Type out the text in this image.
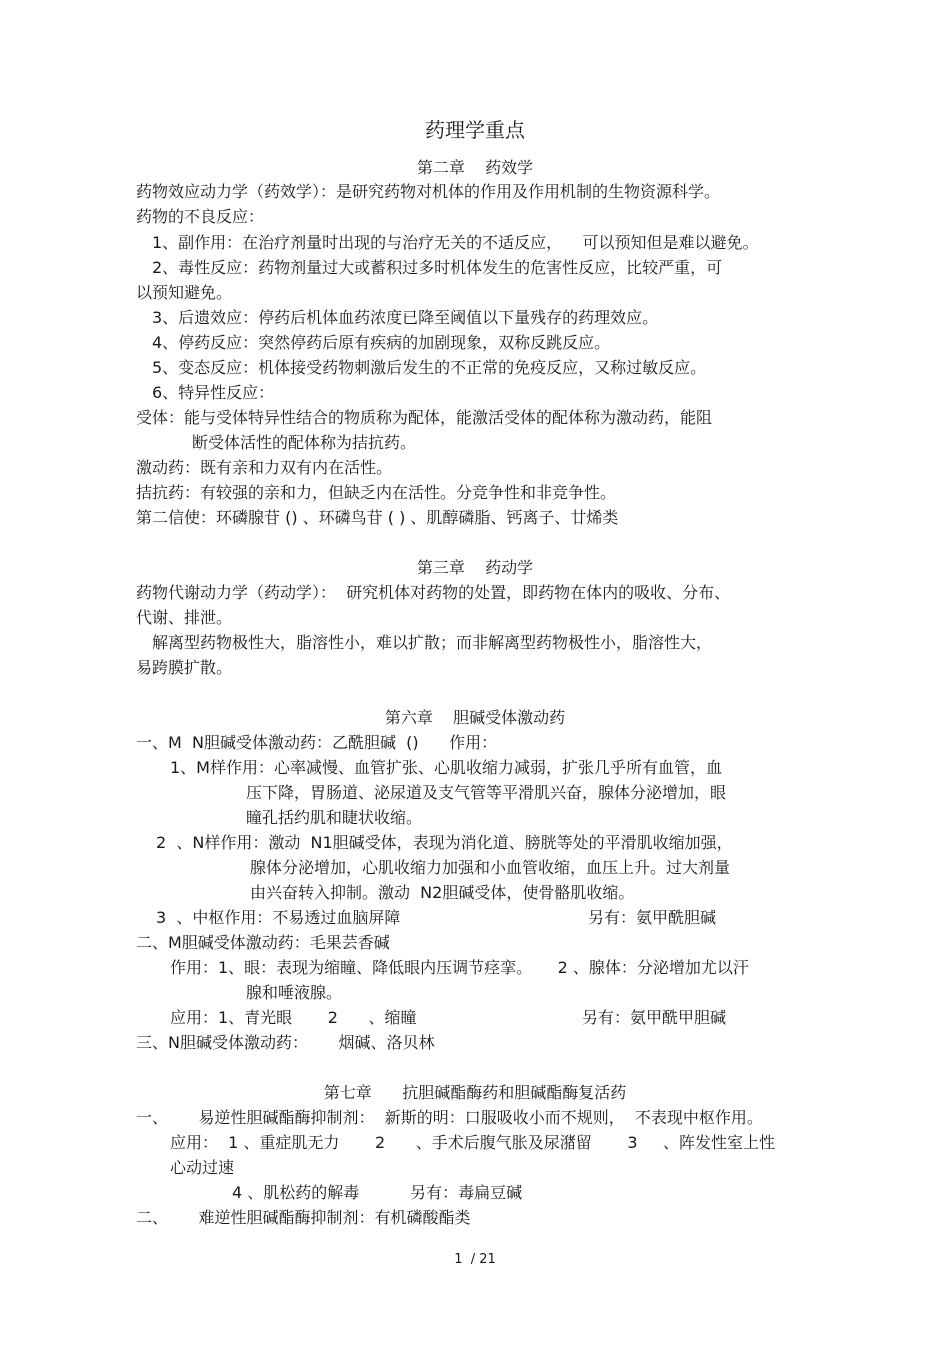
药理学重点
第二章    药效学
药物效应动力学（药效学）：是研究药物对机体的作用及作用机制的生物资源科学。
药物的不良反应：
1、副作用：在治疗剂量时出现的与治疗无关的不适反应，    可以预知但是难以避免。
2、毒性反应：药物剂量过大或蓄积过多时机体发生的危害性反应，比较严重，可
以预知避免。
3、后遗效应：停药后机体血药浓度已降至阈值以下量残存的药理效应。
4、停药反应：突然停药后原有疾病的加剧现象，双称反跳反应。
5、变态反应：机体接受药物刺激后发生的不正常的免疫反应，又称过敏反应。
6、特异性反应：
受体：能与受体特异性结合的物质称为配体，能激活受体的配体称为激动药，能阻
断受体活性的配体称为拮抗药。
激动药：既有亲和力双有内在活性。
拮抗药：有较强的亲和力，但缺乏内在活性。分竞争性和非竞争性。
第二信使：环磷腺苷 () 、环磷鸟苷 ( ) 、肌醇磷脂、钙离子、廿烯类
第三章    药动学
药物代谢动力学（药动学）：  研究机体对药物的处置，即药物在体内的吸收、分布、
代谢、排泄。
解离型药物极性大，脂溶性小，难以扩散；而非解离型药物极性小，脂溶性大，
易跨膜扩散。
第六章    胆碱受体激动药
一、M  N胆碱受体激动药：乙酰胆碱  ()      作用：
1、M样作用：心率减慢、血管扩张、心肌收缩力减弱，扩张几乎所有血管，血
压下降，胃肠道、泌尿道及支气管等平滑肌兴奋，腺体分泌增加，眼
瞳孔括约肌和睫状收缩。
2  、N样作用：激动  N1胆碱受体，表现为消化道、膀胱等处的平滑肌收缩加强，
腺体分泌增加，心肌收缩力加强和小血管收缩，血压上升。过大剂量
由兴奋转入抑制。激动  N2胆碱受体，使骨骼肌收缩。
3  、中枢作用：不易透过血脑屏障	另有：氨甲酰胆碱
二、M胆碱受体激动药：毛果芸香碱
作用：1、眼：表现为缩瞳、降低眼内压调节痉挛。     2 、腺体：分泌增加尤以汗
腺和唾液腺。
应用：1、青光眼       2      、缩瞳	另有：氨甲酰甲胆碱
三、N胆碱受体激动药：      烟碱、洛贝林
第七章      抗胆碱酯酶药和胆碱酯酶复活药
一、      易逆性胆碱酯酶抑制剂：  新斯的明：口服吸收小而不规则，  不表现中枢作用。
应用：  1 、重症肌无力       2      、手术后腹气胀及尿潴留       3     、阵发性室上性
心动过速
4 、肌松药的解毒          另有：毒扁豆碱
二、      难逆性胆碱酯酶抑制剂：有机磷酸酯类
1  / 21
